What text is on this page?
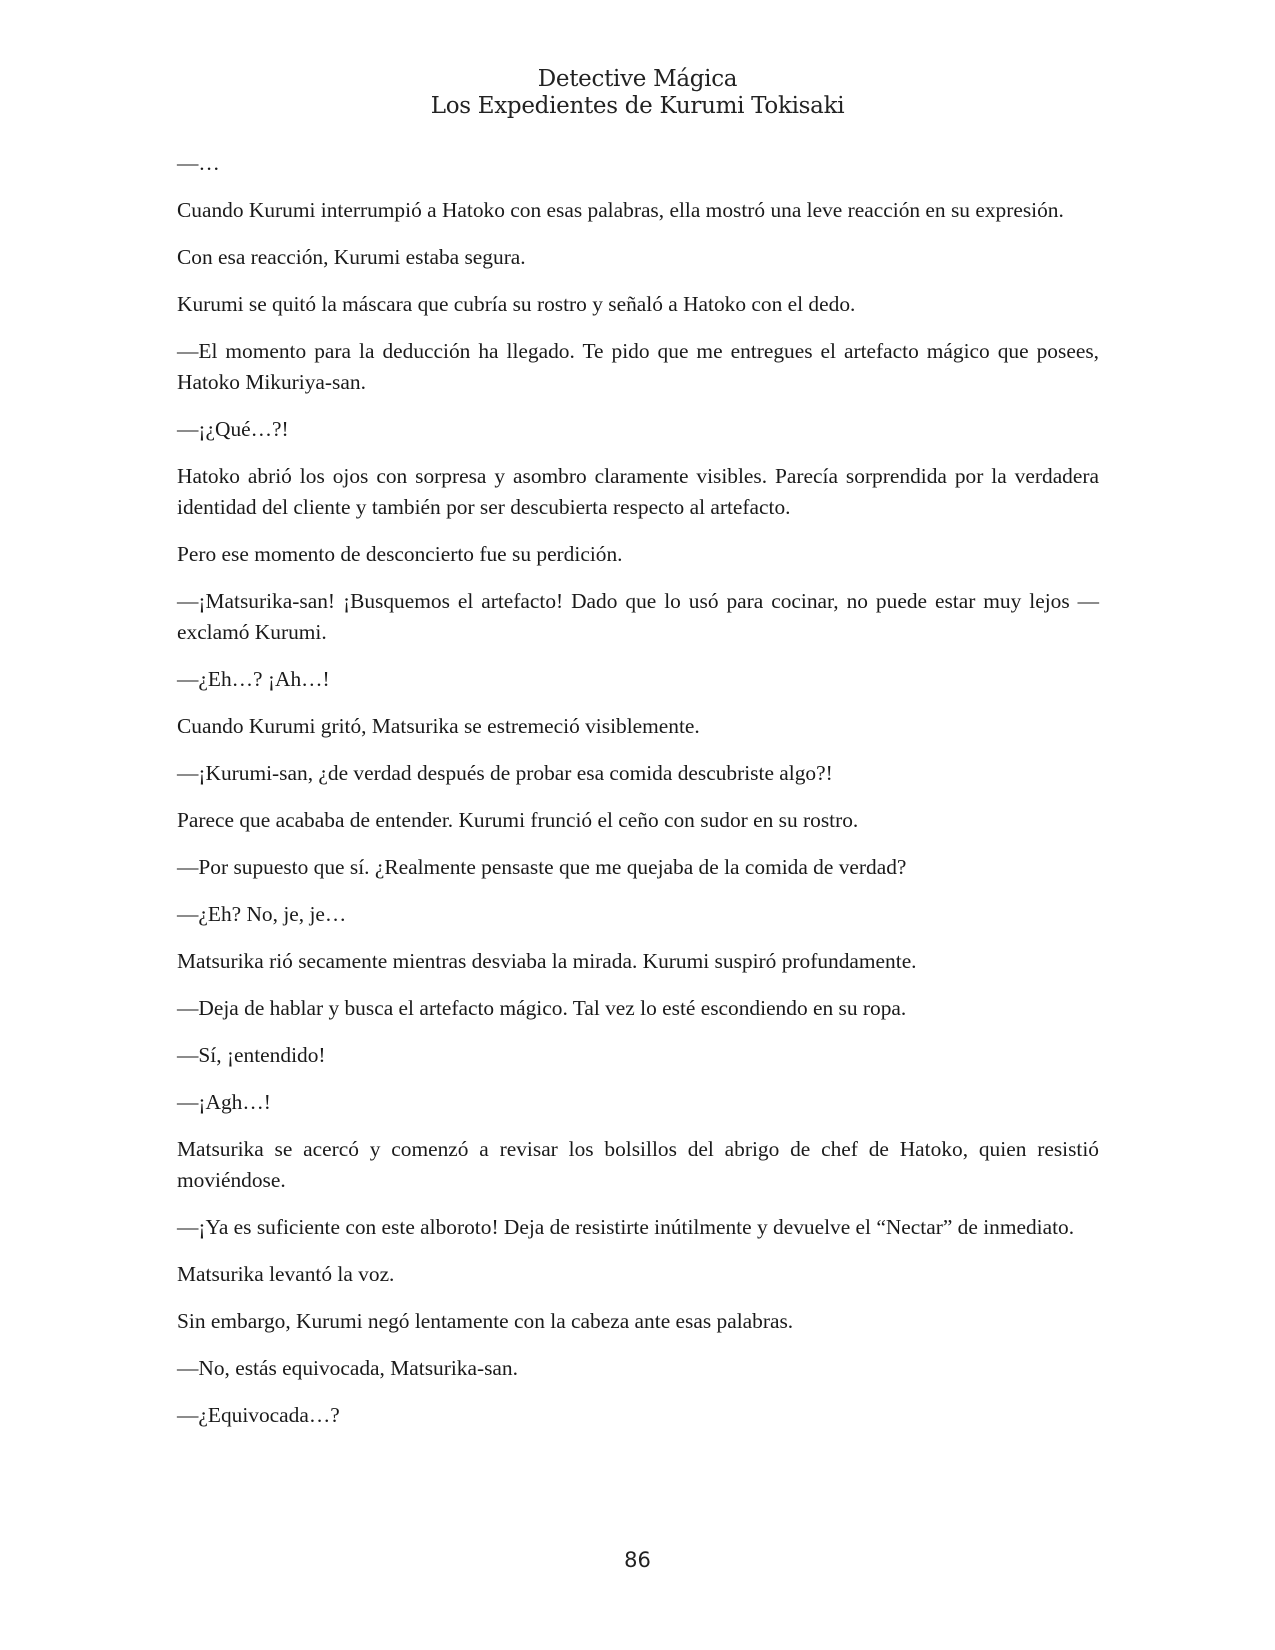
Detective Mágica
Los Expedientes de Kurumi Tokisaki

—…

Cuando Kurumi interrumpió a Hatoko con esas palabras, ella mostró una leve reacción en su expresión.

Con esa reacción, Kurumi estaba segura.

Kurumi se quitó la máscara que cubría su rostro y señaló a Hatoko con el dedo.

—El momento para la deducción ha llegado. Te pido que me entregues el artefacto mágico que posees, Hatoko Mikuriya-san.

—¡¿Qué…?!

Hatoko abrió los ojos con sorpresa y asombro claramente visibles. Parecía sorprendida por la verdadera identidad del cliente y también por ser descubierta respecto al artefacto.

Pero ese momento de desconcierto fue su perdición.

—¡Matsurika-san! ¡Busquemos el artefacto! Dado que lo usó para cocinar, no puede estar muy lejos —exclamó Kurumi.

—¿Eh…? ¡Ah…!

Cuando Kurumi gritó, Matsurika se estremeció visiblemente.

—¡Kurumi-san, ¿de verdad después de probar esa comida descubriste algo?!

Parece que acababa de entender. Kurumi frunció el ceño con sudor en su rostro.

—Por supuesto que sí. ¿Realmente pensaste que me quejaba de la comida de verdad?

—¿Eh? No, je, je…

Matsurika rió secamente mientras desviaba la mirada. Kurumi suspiró profundamente.

—Deja de hablar y busca el artefacto mágico. Tal vez lo esté escondiendo en su ropa.

—Sí, ¡entendido!

—¡Agh…!

Matsurika se acercó y comenzó a revisar los bolsillos del abrigo de chef de Hatoko, quien resistió moviéndose.

—¡Ya es suficiente con este alboroto! Deja de resistirte inútilmente y devuelve el “Nectar” de inmediato.

Matsurika levantó la voz.

Sin embargo, Kurumi negó lentamente con la cabeza ante esas palabras.

—No, estás equivocada, Matsurika-san.

—¿Equivocada…?

86
